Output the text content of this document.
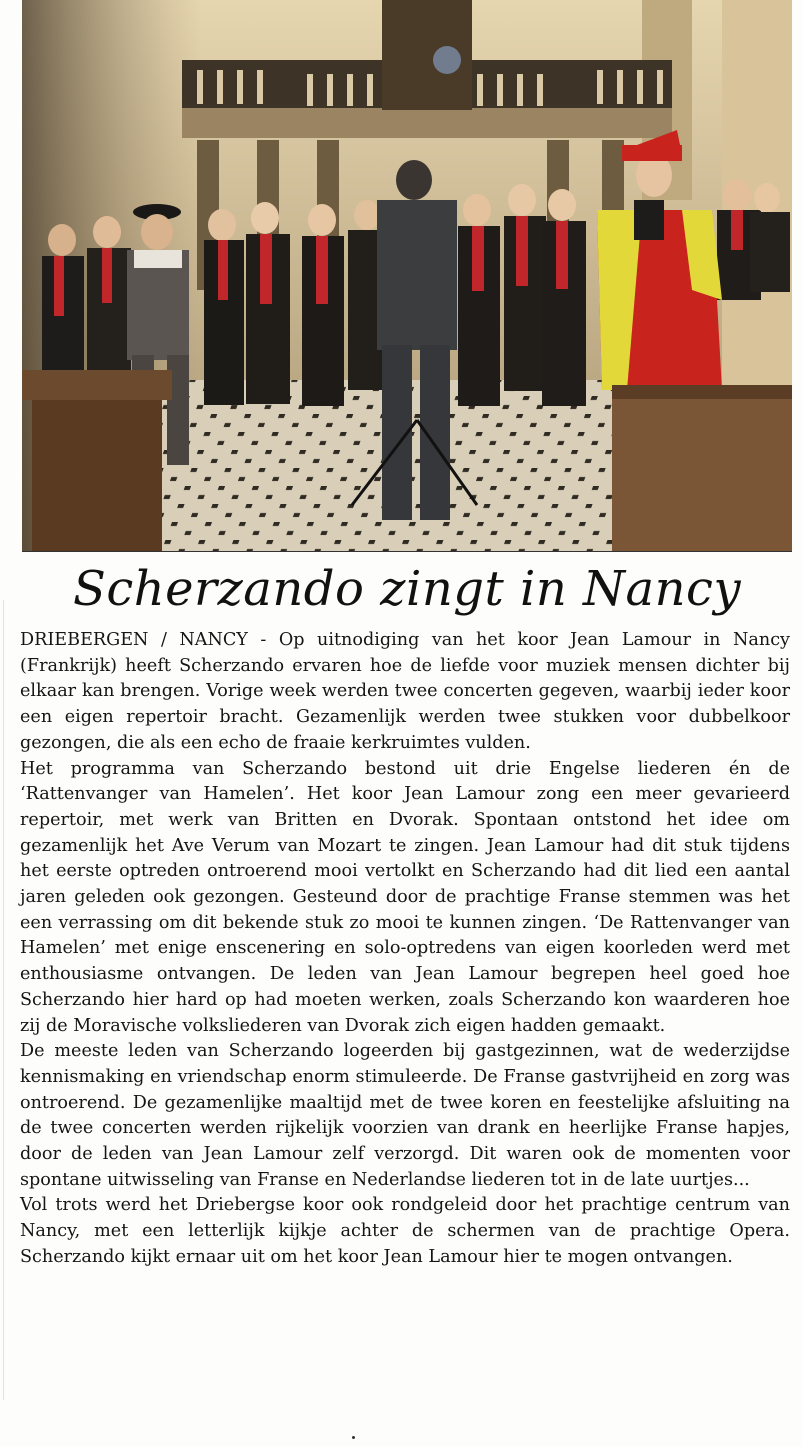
Scherzando zingt in Nancy

DRIEBERGEN / NANCY - Op uitnodiging van het koor Jean Lamour in Nancy (Frankrijk) heeft Scherzando ervaren hoe de liefde voor muziek mensen dichter bij elkaar kan brengen. Vorige week werden twee concerten gegeven, waarbij ieder koor een eigen repertoir bracht. Gezamenlijk werden twee stukken voor dubbelkoor gezongen, die als een echo de fraaie kerkruimtes vulden.

Het programma van Scherzando bestond uit drie Engelse liederen én de ‘Rattenvanger van Hamelen’. Het koor Jean Lamour zong een meer gevarieerd repertoir, met werk van Britten en Dvorak. Spontaan ontstond het idee om gezamenlijk het Ave Verum van Mozart te zingen. Jean Lamour had dit stuk tijdens het eerste optreden ontroerend mooi vertolkt en Scherzando had dit lied een aantal jaren geleden ook gezongen. Gesteund door de prachtige Franse stemmen was het een verrassing om dit bekende stuk zo mooi te kunnen zingen. ‘De Rattenvanger van Hamelen’ met enige enscenering en solo-optredens van eigen koorleden werd met enthousiasme ontvangen. De leden van Jean Lamour begrepen heel goed hoe Scherzando hier hard op had moeten werken, zoals Scherzando kon waarderen hoe zij de Moravische volksliederen van Dvorak zich eigen hadden gemaakt.

De meeste leden van Scherzando logeerden bij gastgezinnen, wat de wederzijdse kennismaking en vriendschap enorm stimuleerde. De Franse gastvrijheid en zorg was ontroerend. De gezamenlijke maaltijd met de twee koren en feestelijke afsluiting na de twee concerten werden rijkelijk voorzien van drank en heerlijke Franse hapjes, door de leden van Jean Lamour zelf verzorgd. Dit waren ook de momenten voor spontane uitwisseling van Franse en Nederlandse liederen tot in de late uurtjes...

Vol trots werd het Driebergse koor ook rondgeleid door het prachtige centrum van Nancy, met een letterlijk kijkje achter de schermen van de prachtige Opera. Scherzando kijkt ernaar uit om het koor Jean Lamour hier te mogen ontvangen.
